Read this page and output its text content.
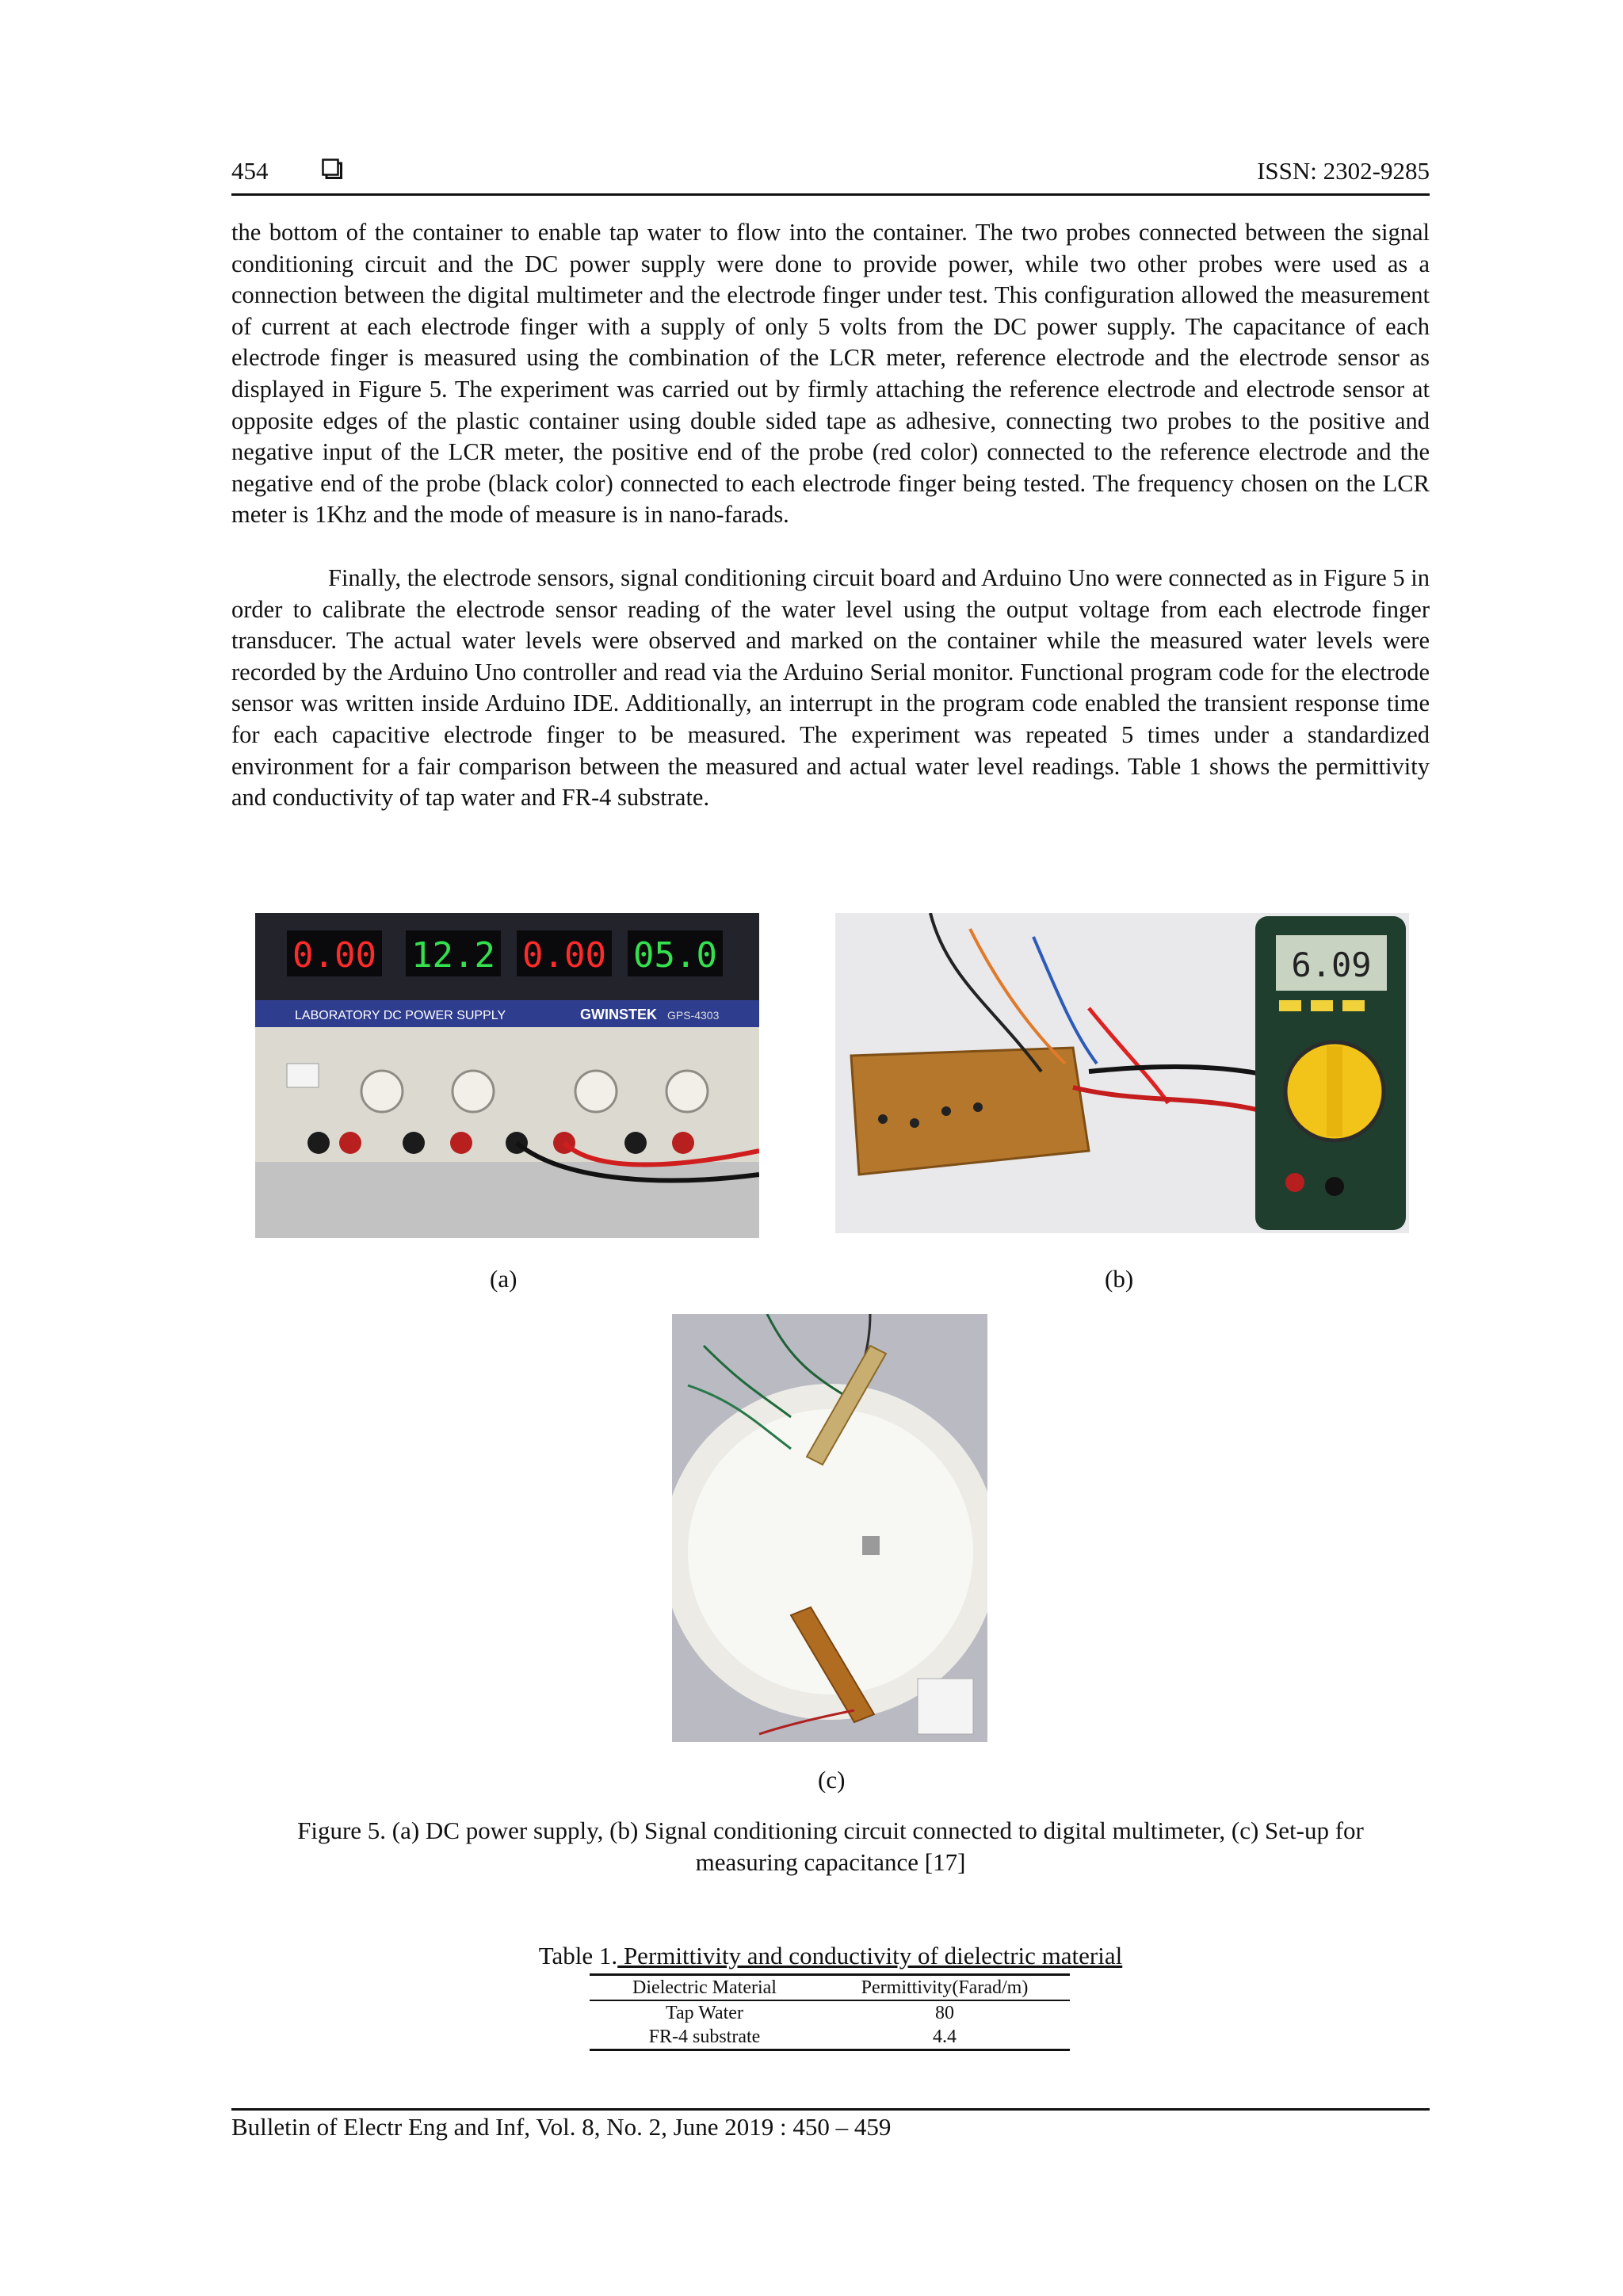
454	ISSN: 2302-9285

the bottom of the container to enable tap water to flow into the container. The two probes connected between the signal conditioning circuit and the DC power supply were done to provide power, while two other probes were used as a connection between the digital multimeter and the electrode finger under test. This configuration allowed the measurement of current at each electrode finger with a supply of only 5 volts from the DC power supply. The capacitance of each electrode finger is measured using the combination of the LCR meter, reference electrode and the electrode sensor as displayed in Figure 5. The experiment was carried out by firmly attaching the reference electrode and electrode sensor at opposite edges of the plastic container using double sided tape as adhesive, connecting two probes to the positive and negative input of the LCR meter, the positive end of the probe (red color) connected to the reference electrode and the negative end of the probe (black color) connected to each electrode finger being tested. The frequency chosen on the LCR meter is 1Khz and the mode of measure is in nano-farads.

Finally, the electrode sensors, signal conditioning circuit board and Arduino Uno were connected as in Figure 5 in order to calibrate the electrode sensor reading of the water level using the output voltage from each electrode finger transducer. The actual water levels were observed and marked on the container while the measured water levels were recorded by the Arduino Uno controller and read via the Arduino Serial monitor. Functional program code for the electrode sensor was written inside Arduino IDE. Additionally, an interrupt in the program code enabled the transient response time for each capacitive electrode finger to be measured. The experiment was repeated 5 times under a standardized environment for a fair comparison between the measured and actual water level readings. Table 1 shows the permittivity and conductivity of tap water and FR-4 substrate.

0.00 12.2 0.00 05.0
LABORATORY DC POWER SUPPLY	GWINSTEK GPS-4303
6.09
(a)	(b)
(c)
Figure 5. (a) DC power supply, (b) Signal conditioning circuit connected to digital multimeter, (c) Set-up for
measuring capacitance [17]
Table 1. Permittivity and conductivity of dielectric material
Dielectric Material	Permittivity(Farad/m)
Tap Water	80
FR-4 substrate	4.4
Bulletin of Electr Eng and Inf, Vol. 8, No. 2, June 2019 : 450 – 459
